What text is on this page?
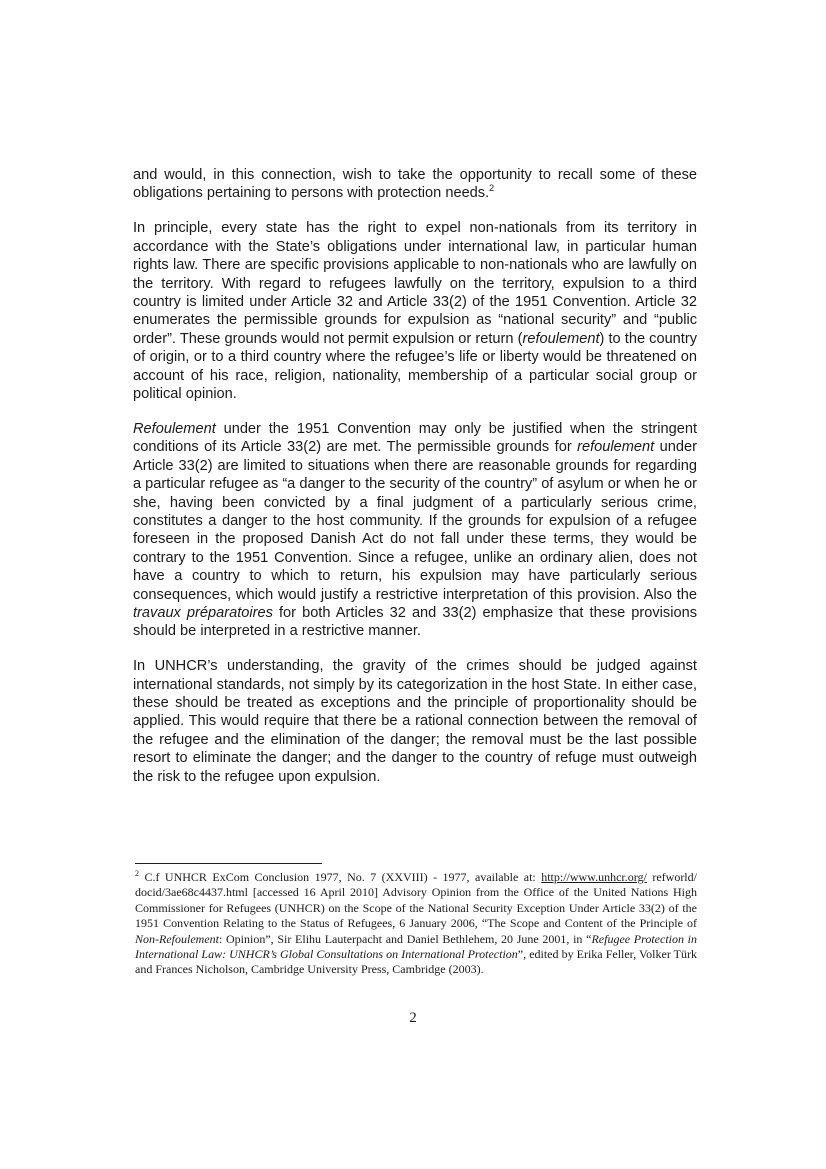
and would, in this connection, wish to take the opportunity to recall some of these obligations pertaining to persons with protection needs.$^2$

In principle, every state has the right to expel non-nationals from its territory in accordance with the State’s obligations under international law, in particular human rights law. There are specific provisions applicable to non-nationals who are lawfully on the territory. With regard to refugees lawfully on the territory, expulsion to a third country is limited under Article 32 and Article 33(2) of the 1951 Convention. Article 32 enumerates the permissible grounds for expulsion as “national security” and “public order”. These grounds would not permit expulsion or return (refoulement) to the country of origin, or to a third country where the refugee’s life or liberty would be threatened on account of his race, religion, nationality, membership of a particular social group or political opinion.

Refoulement under the 1951 Convention may only be justified when the stringent conditions of its Article 33(2) are met. The permissible grounds for refoulement under Article 33(2) are limited to situations when there are reasonable grounds for regarding a particular refugee as “a danger to the security of the country” of asylum or when he or she, having been convicted by a final judgment of a particularly serious crime, constitutes a danger to the host community. If the grounds for expulsion of a refugee foreseen in the proposed Danish Act do not fall under these terms, they would be contrary to the 1951 Convention. Since a refugee, unlike an ordinary alien, does not have a country to which to return, his expulsion may have particularly serious consequences, which would justify a restrictive interpretation of this provision. Also the travaux préparatoires for both Articles 32 and 33(2) emphasize that these provisions should be interpreted in a restrictive manner.

In UNHCR’s understanding, the gravity of the crimes should be judged against international standards, not simply by its categorization in the host State. In either case, these should be treated as exceptions and the principle of proportionality should be applied. This would require that there be a rational connection between the removal of the refugee and the elimination of the danger; the removal must be the last possible resort to eliminate the danger; and the danger to the country of refuge must outweigh the risk to the refugee upon expulsion.

$^2$ C.f UNHCR ExCom Conclusion 1977, No. 7 (XXVIII) - 1977, available at: http://www.unhcr.org/ refworld/ docid/3ae68c4437.html [accessed 16 April 2010] Advisory Opinion from the Office of the United Nations High Commissioner for Refugees (UNHCR) on the Scope of the National Security Exception Under Article 33(2) of the 1951 Convention Relating to the Status of Refugees, 6 January 2006, “The Scope and Content of the Principle of Non-Refoulement: Opinion”, Sir Elihu Lauterpacht and Daniel Bethlehem, 20 June 2001, in “Refugee Protection in International Law: UNHCR’s Global Consultations on International Protection”, edited by Erika Feller, Volker Türk and Frances Nicholson, Cambridge University Press, Cambridge (2003).
2
